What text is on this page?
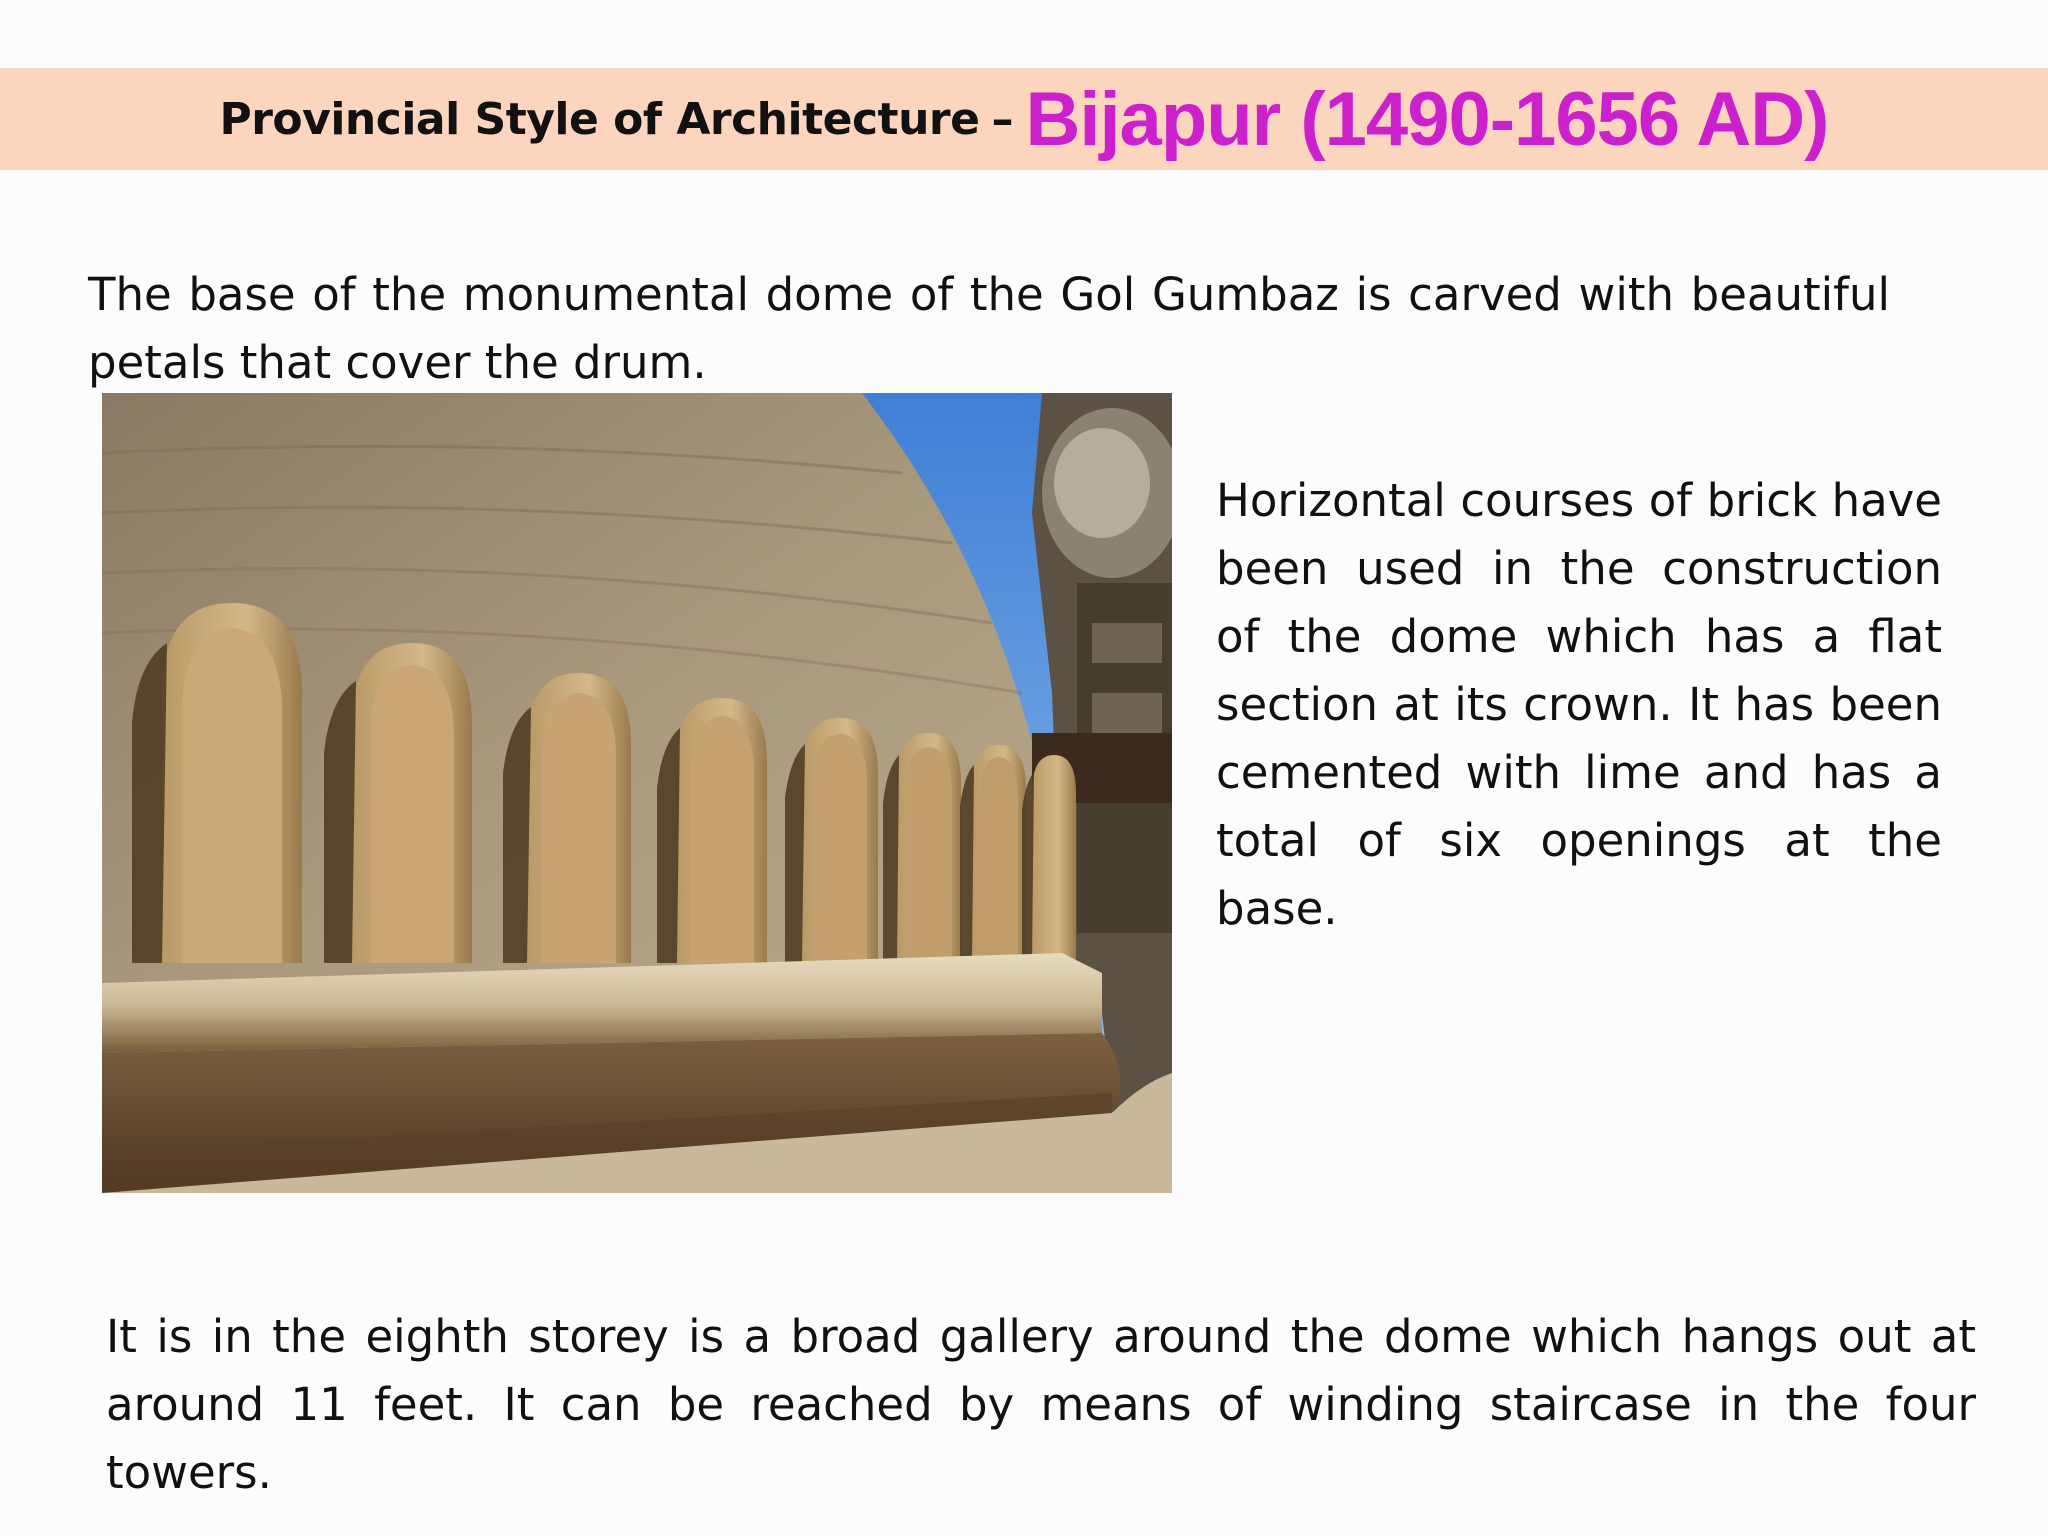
Provincial Style of Architecture – Bijapur (1490-1656 AD)

The base of the monumental dome of the Gol Gumbaz is carved with beautiful petals that cover the drum.

Horizontal courses of brick have been used in the construction of the dome which has a flat section at its crown. It has been cemented with lime and has a total of six openings at the base.

It is in the eighth storey is a broad gallery around the dome which hangs out at around 11 feet. It can be reached by means of winding staircase in the four towers.
